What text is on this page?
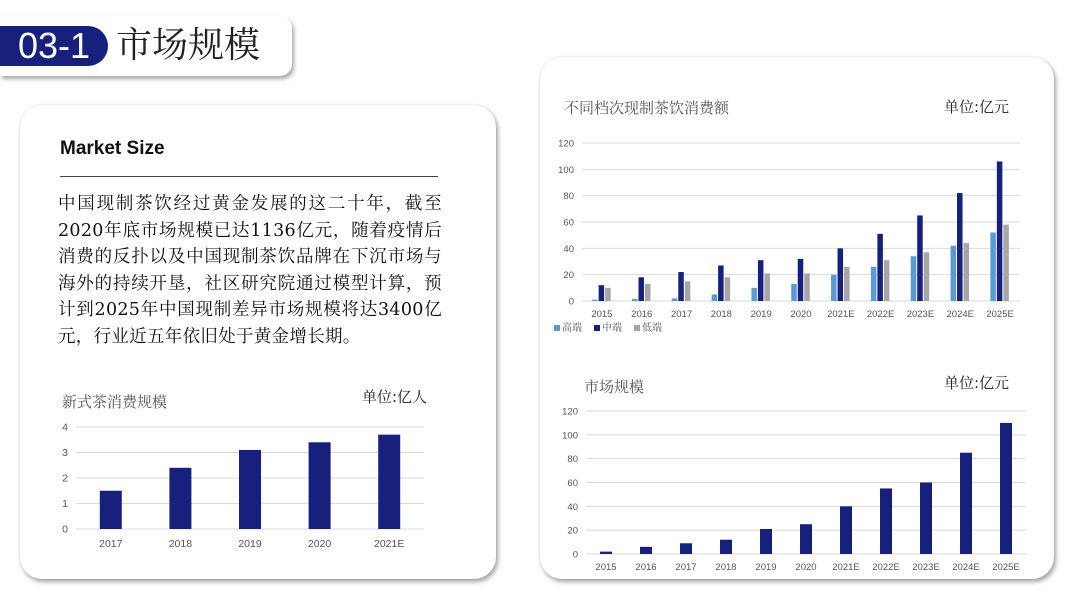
03-1 市场规模
Market Size
中国现制茶饮经过黄金发展的这二十年，截至2020年底市场规模已达1136亿元，随着疫情后消费的反扑以及中国现制茶饮品牌在下沉市场与海外的持续开垦，社区研究院通过模型计算，预计到2025年中国现制差异市场规模将达3400亿元，行业近五年依旧处于黄金增长期。
新式茶消费规模	单位:亿人
0
1
2
3
4
2017	2018	2019	2020	2021E
不同档次现制茶饮消费额	单位:亿元
0
20
40
60
80
100
120
2015 2016 2017 2018 2019 2020 2021E 2022E 2023E 2024E 2025E
高端 中端 低端
市场规模	单位:亿元
0
20
40
60
80
100
120
2015 2016 2017 2018 2019 2020 2021E 2022E 2023E 2024E 2025E
